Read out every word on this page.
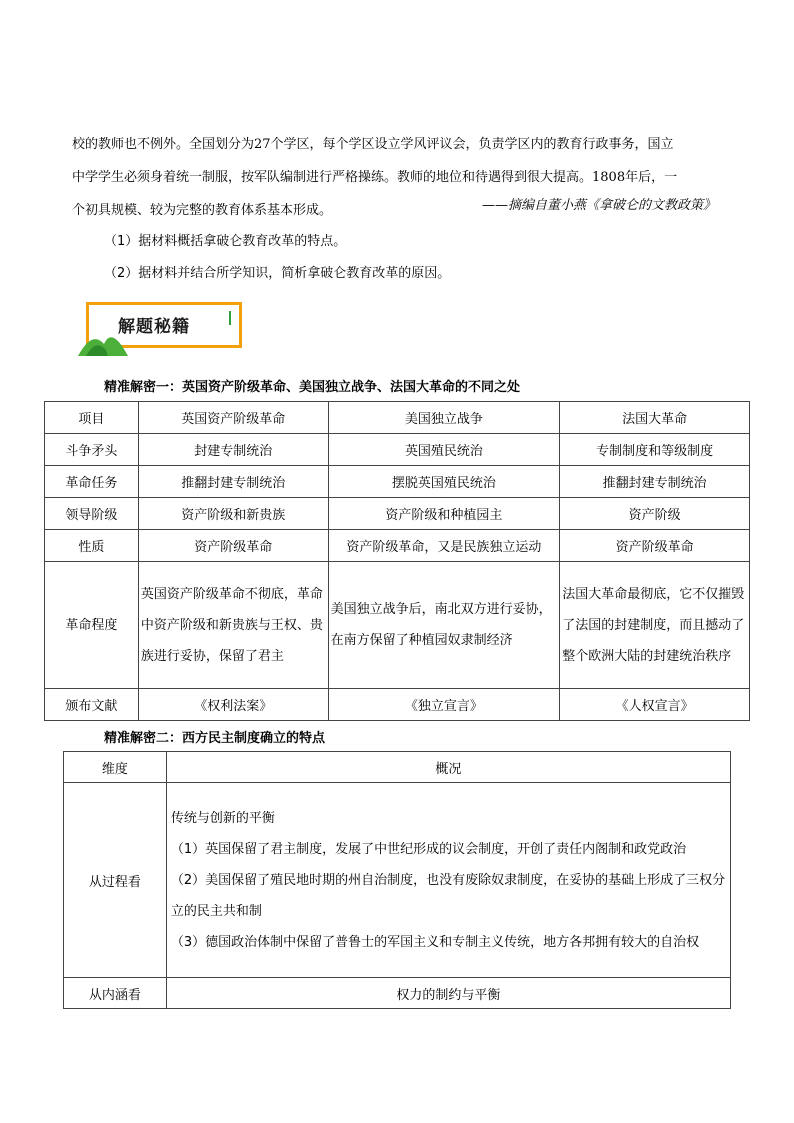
校的教师也不例外。全国划分为27个学区，每个学区设立学风评议会，负责学区内的教育行政事务，国立

中学学生必须身着统一制服，按军队编制进行严格操练。教师的地位和待遇得到很大提高。1808年后，一

个初具规模、较为完整的教育体系基本形成。	——摘编自董小燕《拿破仑的文教政策》
（1）据材料概括拿破仑教育改革的特点。
（2）据材料并结合所学知识，简析拿破仑教育改革的原因。
解题秘籍
精准解密一：英国资产阶级革命、美国独立战争、法国大革命的不同之处
项目	英国资产阶级革命	美国独立战争	法国大革命
斗争矛头	封建专制统治	英国殖民统治	专制制度和等级制度
革命任务	推翻封建专制统治	摆脱英国殖民统治	推翻封建专制统治
领导阶级	资产阶级和新贵族	资产阶级和种植园主	资产阶级
性质	资产阶级革命	资产阶级革命，又是民族独立运动	资产阶级革命
革命程度	英国资产阶级革命不彻底，革命中资产阶级和新贵族与王权、贵族进行妥协，保留了君主	美国独立战争后，南北双方进行妥协，在南方保留了种植园奴隶制经济	法国大革命最彻底，它不仅摧毁了法国的封建制度，而且撼动了整个欧洲大陆的封建统治秩序
颁布文献	《权利法案》	《独立宣言》	《人权宣言》
精准解密二：西方民主制度确立的特点
维度	概况
从过程看	传统与创新的平衡
（1）英国保留了君主制度，发展了中世纪形成的议会制度，开创了责任内阁制和政党政治
（2）美国保留了殖民地时期的州自治制度，也没有废除奴隶制度，在妥协的基础上形成了三权分立的民主共和制
（3）德国政治体制中保留了普鲁士的军国主义和专制主义传统，地方各邦拥有较大的自治权

从内涵看	权力的制约与平衡
